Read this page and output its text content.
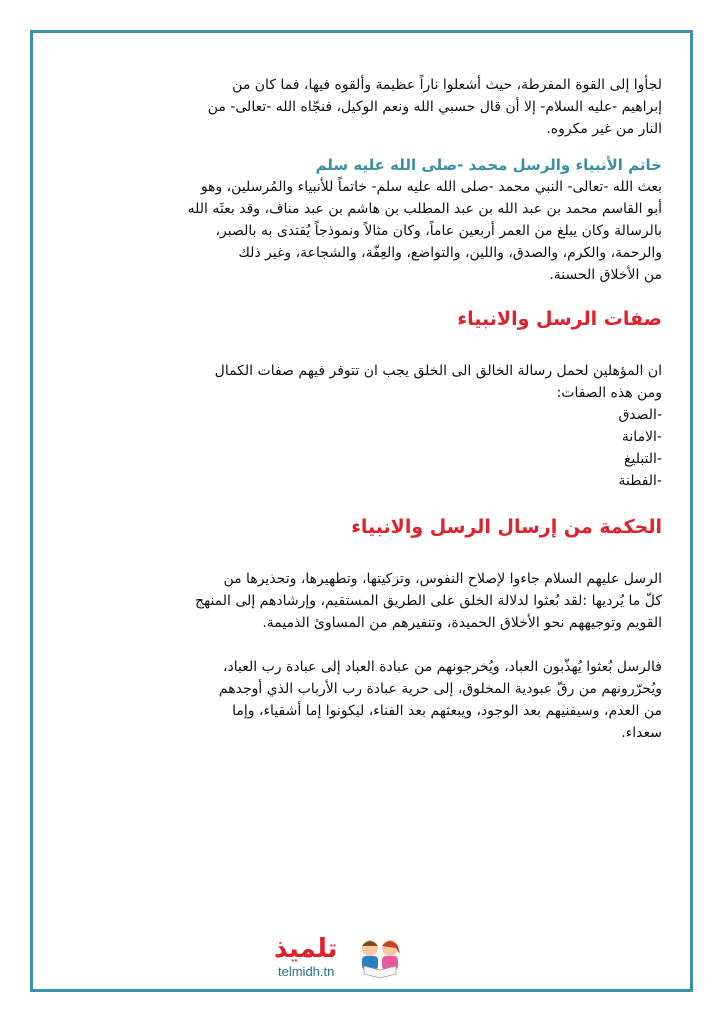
لجأوا إلى القوة المفرطة، حيث أشعلوا ناراً عظيمة وألقوه فيها، فما كان من

إبراهيم -عليه السلام- إلا أن قال حسبي الله ونعم الوكيل، فنجّاه الله -تعالى- من

النار من غير مكروه.

خاتم الأنبياء والرسل محمد -صلى الله عليه سلم

بعث الله -تعالى- النبي محمد -صلى الله عليه سلم- خاتماً للأنبياء والمُرسلين، وهو

أبو القاسم محمد بن عبد الله بن عبد المطلب بن هاشم بن عبد مناف، وقد بعثَه الله

بالرسالة وكان يبلغ من العمر أربعين عاماً، وكان مثالاً ونموذجاً يُقتدى به بالصبر،

والرحمة، والكرم، والصدق، واللين، والتواضع، والعِفّة، والشجاعة، وغير ذلك

من الأخلاق الحسنة.

صفات الرسل والانبياء

ان المؤهلين لحمل رسالة الخالق الى الخلق يجب ان تتوفر فيهم صفات الكمال

ومن هذه الصفات:

-الصدق
-الامانة
-التبليغ
-الفطنة
الحكمة من إرسال الرسل والانبياء

الرسل عليهم السلام جاءوا لإصلاح النفوس، وتزكيتها، وتطهيرها، وتحذيرها من

كلّ ما يُرديها :لقد بُعثوا لدلالة الخلق على الطريق المستقيم، وإرشادهم إلى المنهج

القويم وتوجيههم نحو الأخلاق الحميدة، وتنفيرهم من المساوئ الذميمة.

فالرسل بُعثوا يُهذّبون العباد، ويُخرجونهم من عبادة العباد إلى عبادة رب العباد،

ويُحرّرونهم من رقّ عبودية المخلوق، إلى حرية عبادة رب الأرباب الذي أوجدهم

من العدم، وسيفنيهم بعد الوجود، ويبعثهم بعد الفناء، ليكونوا إما أشقياء، وإما

سعداء.

تلميذ
telmidh.tn
